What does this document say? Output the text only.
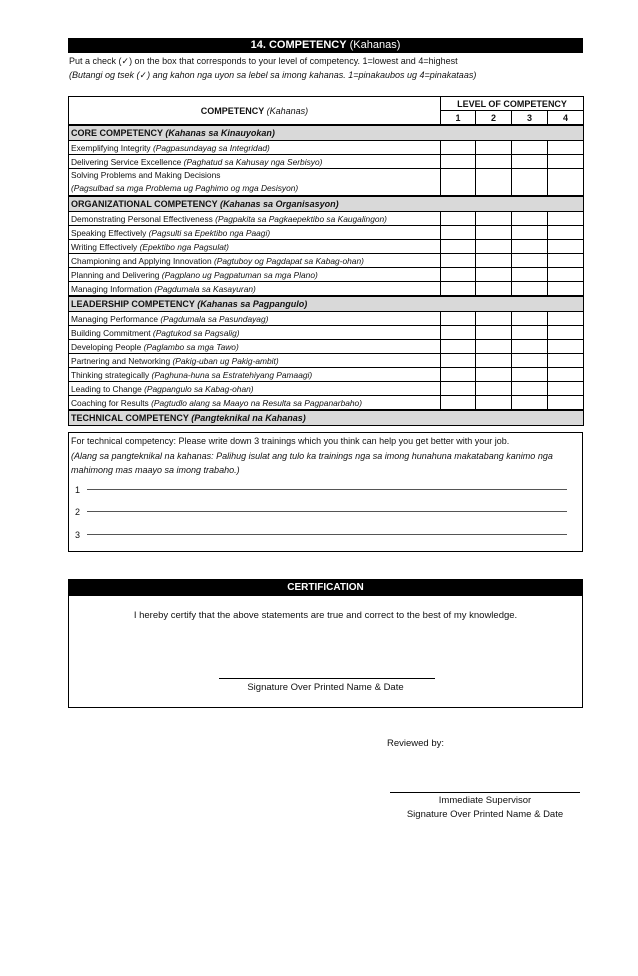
14. COMPETENCY (Kahanas)
Put a check (✓) on the box that corresponds to your level of competency. 1=lowest and 4=highest
(Butangi og tsek (✓) ang kahon nga uyon sa lebel sa imong kahanas. 1=pinakaubos ug 4=pinakataas)
COMPETENCY (Kahanas)	LEVEL OF COMPETENCY			
	1	2	3	4
CORE COMPETENCY (Kahanas sa Kinauyokan)				
Exemplifying Integrity (Pagpasundayag sa Integridad)				
Delivering Service Excellence (Paghatud sa Kahusay nga Serbisyo)				
Solving Problems and Making Decisions
(Pagsulbad sa mga Problema ug Paghimo og mga Desisyon)				
ORGANIZATIONAL COMPETENCY (Kahanas sa Organisasyon)				
Demonstrating Personal Effectiveness (Pagpakita sa Pagkaepektibo sa Kaugalingon)				
Speaking Effectively (Pagsulti sa Epektibo nga Paagi)				
Writing Effectively (Epektibo nga Pagsulat)				
Championing and Applying Innovation (Pagtuboy og Pagdapat sa Kabag-ohan)				
Planning and Delivering (Pagplano ug Pagpatuman sa mga Plano)				
Managing Information (Pagdumala sa Kasayuran)				
LEADERSHIP COMPETENCY (Kahanas sa Pagpangulo)				
Managing Performance (Pagdumala sa Pasundayag)				
Building Commitment (Pagtukod sa Pagsalig)				
Developing People (Paglambo sa mga Tawo)				
Partnering and Networking (Pakig-uban ug Pakig-ambit)				
Thinking strategically (Paghuna-huna sa Estratehiyang Pamaagi)				
Leading to Change (Pagpangulo sa Kabag-ohan)				
Coaching for Results (Pagtudlo alang sa Maayo na Resulta sa Pagpanarbaho)				
TECHNICAL COMPETENCY (Pangteknikal na Kahanas)				
For technical competency: Please write down 3 trainings which you think can help you get better with your job.
(Alang sa pangteknikal na kahanas: Palihug isulat ang tulo ka trainings nga sa imong hunahuna makatabang kanimo nga mahimong mas maayo sa imong trabaho.)
1
2
3
CERTIFICATION
I hereby certify that the above statements are true and correct to the best of my knowledge.
Signature Over Printed Name & Date
Reviewed by:
Immediate Supervisor
Signature Over Printed Name & Date
